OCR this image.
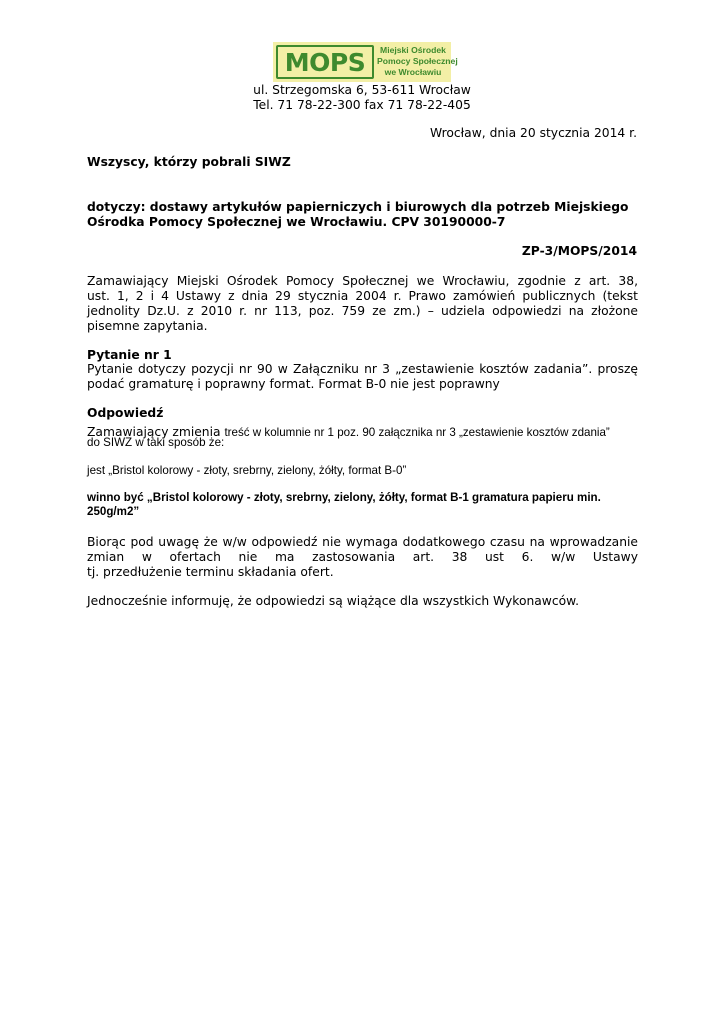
MOPS	Miejski Ośrodek
Pomocy Społecznej
we Wrocławiu
ul. Strzegomska 6, 53-611 Wrocław
Tel. 71 78-22-300 fax 71 78-22-405
Wrocław, dnia 20 stycznia 2014 r.
Wszyscy, którzy pobrali SIWZ
dotyczy: dostawy artykułów papierniczych i biurowych dla potrzeb Miejskiego
Ośrodka Pomocy Społecznej we Wrocławiu. CPV 30190000-7
ZP-3/MOPS/2014
Zamawiający Miejski Ośrodek Pomocy Społecznej we Wrocławiu, zgodnie z art. 38,
ust. 1, 2 i 4 Ustawy z dnia 29 stycznia 2004 r. Prawo zamówień publicznych (tekst
jednolity Dz.U. z 2010 r. nr 113, poz. 759 ze zm.) – udziela odpowiedzi na złożone
pisemne zapytania.
Pytanie nr 1
Pytanie dotyczy pozycji nr 90 w Załączniku nr 3 „zestawienie kosztów zadania”. proszę
podać gramaturę i poprawny format. Format B-0 nie jest poprawny
Odpowiedź
Zamawiający zmienia treść w kolumnie nr 1 poz. 90 załącznika nr 3 „zestawienie kosztów zdania”
do SIWZ w taki sposób że:
jest „Bristol kolorowy - złoty, srebrny, zielony, żółty, format B-0”
winno być „Bristol kolorowy - złoty, srebrny, zielony, żółty, format B-1 gramatura papieru min.
250g/m2”
Biorąc pod uwagę że w/w odpowiedź nie wymaga dodatkowego czasu na wprowadzanie
zmian w ofertach nie ma zastosowania art. 38 ust 6. w/w Ustawy
tj. przedłużenie terminu składania ofert.
Jednocześnie informuję, że odpowiedzi są wiążące dla wszystkich Wykonawców.
